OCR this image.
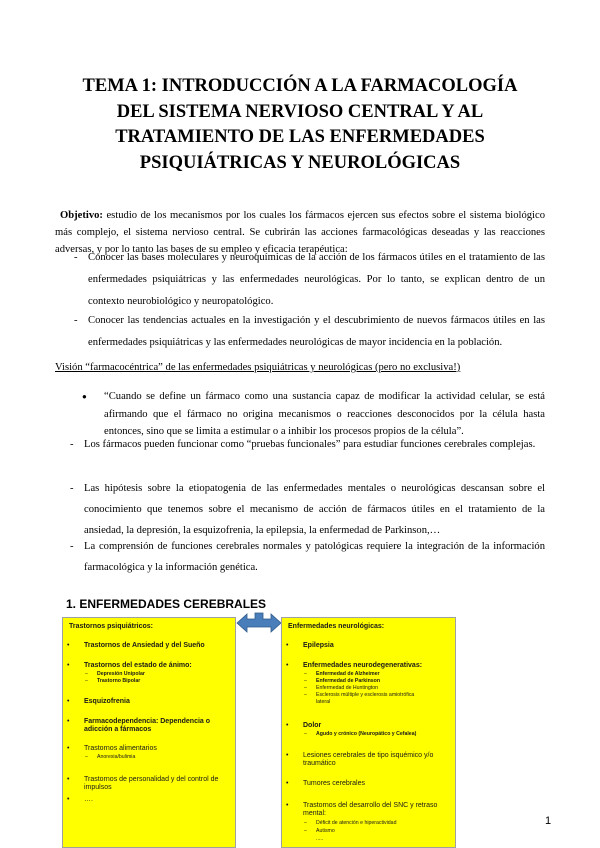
TEMA 1: INTRODUCCIÓN A LA FARMACOLOGÍA
DEL SISTEMA NERVIOSO CENTRAL Y AL
TRATAMIENTO DE LAS ENFERMEDADES
PSIQUIÁTRICAS Y NEUROLÓGICAS

Objetivo: estudio de los mecanismos por los cuales los fármacos ejercen sus efectos sobre el sistema biológico más complejo, el sistema nervioso central. Se cubrirán las acciones farmacológicas deseadas y las reacciones adversas, y por lo tanto las bases de su empleo y eficacia terapéutica:

- Conocer las bases moleculares y neuroquímicas de la acción de los fármacos útiles en el tratamiento de las enfermedades psiquiátricas y las enfermedades neurológicas. Por lo tanto, se explican dentro de un contexto neurobiológico y neuropatológico.
- Conocer las tendencias actuales en la investigación y el descubrimiento de nuevos fármacos útiles en las enfermedades psiquiátricas y las enfermedades neurológicas de mayor incidencia en la población.
Visión “farmacocéntrica” de las enfermedades psiquiátricas y neurológicas (pero no exclusiva!)
● “Cuando se define un fármaco como una sustancia capaz de modificar la actividad celular, se está afirmando que el fármaco no origina mecanismos o reacciones desconocidos por la célula hasta entonces, sino que se limita a estimular o a inhibir los procesos propios de la célula”.
- Los fármacos pueden funcionar como “pruebas funcionales” para estudiar funciones cerebrales complejas.
- Las hipótesis sobre la etiopatogenia de las enfermedades mentales o neurológicas descansan sobre el conocimiento que tenemos sobre el mecanismo de acción de fármacos útiles en el tratamiento de la ansiedad, la depresión, la esquizofrenia, la epilepsia, la enfermedad de Parkinson,…
- La comprensión de funciones cerebrales normales y patológicas requiere la integración de la información farmacológica y la información genética.
1. ENFERMEDADES CEREBRALES
Trastornos psiquiátricos:
• Trastornos de Ansiedad y del Sueño
• Trastornos del estado de ánimo:
– Depresión Unipolar
– Trastorno Bipolar
• Esquizofrenia
• Farmacodependencia: Dependencia o
adicción a fármacos
• Trastornos alimentarios
– Anorexia/bulimia
• Trastornos de personalidad y del control de
impulsos
• ….
Enfermedades neurológicas:
• Epilepsia
• Enfermedades neurodegenerativas:
– Enfermedad de Alzheimer
– Enfermedad de Parkinson
– Enfermedad de Huntington
– Esclerosis múltiple y esclerosis amiotrófica
lateral
• Dolor
– Agudo y crónico (Neuropático y Cefalea)
• Lesiones cerebrales de tipo isquémico y/o
traumático
• Tumores cerebrales
• Trastornos del desarrollo del SNC y retraso
mental:
– Déficit de atención e hiperactividad
– Autismo
.....
1
